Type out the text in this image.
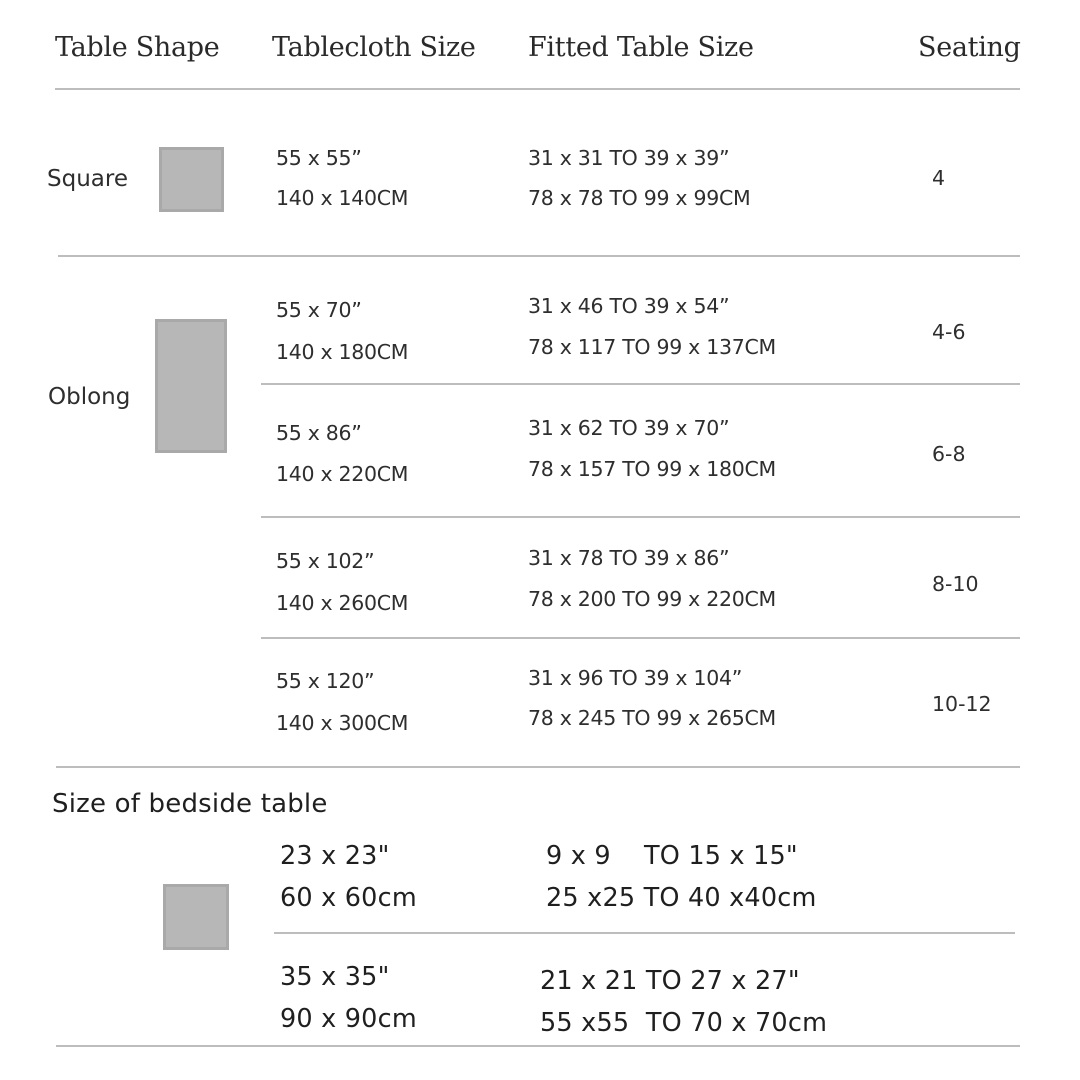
Table Shape Tablecloth Size Fitted Table Size	Seating
Square
55 x 55”
140 x 140CM
31 x 31 TO 39 x 39”
78 x 78 TO 99 x 99CM
4
Oblong
55 x 70”
140 x 180CM
31 x 46 TO 39 x 54”
78 x 117 TO 99 x 137CM
4-6
55 x 86”
140 x 220CM
31 x 62 TO 39 x 70”
78 x 157 TO 99 x 180CM
6-8
55 x 102”
140 x 260CM
31 x 78 TO 39 x 86”
78 x 200 TO 99 x 220CM
8-10
55 x 120”
140 x 300CM
31 x 96 TO 39 x 104”
78 x 245 TO 99 x 265CM
10-12
Size of bedside table
23 x 23"
60 x 60cm
9 x 9    TO 15 x 15"
25 x25 TO 40 x40cm
35 x 35"
90 x 90cm
21 x 21 TO 27 x 27"
55 x55  TO 70 x 70cm
